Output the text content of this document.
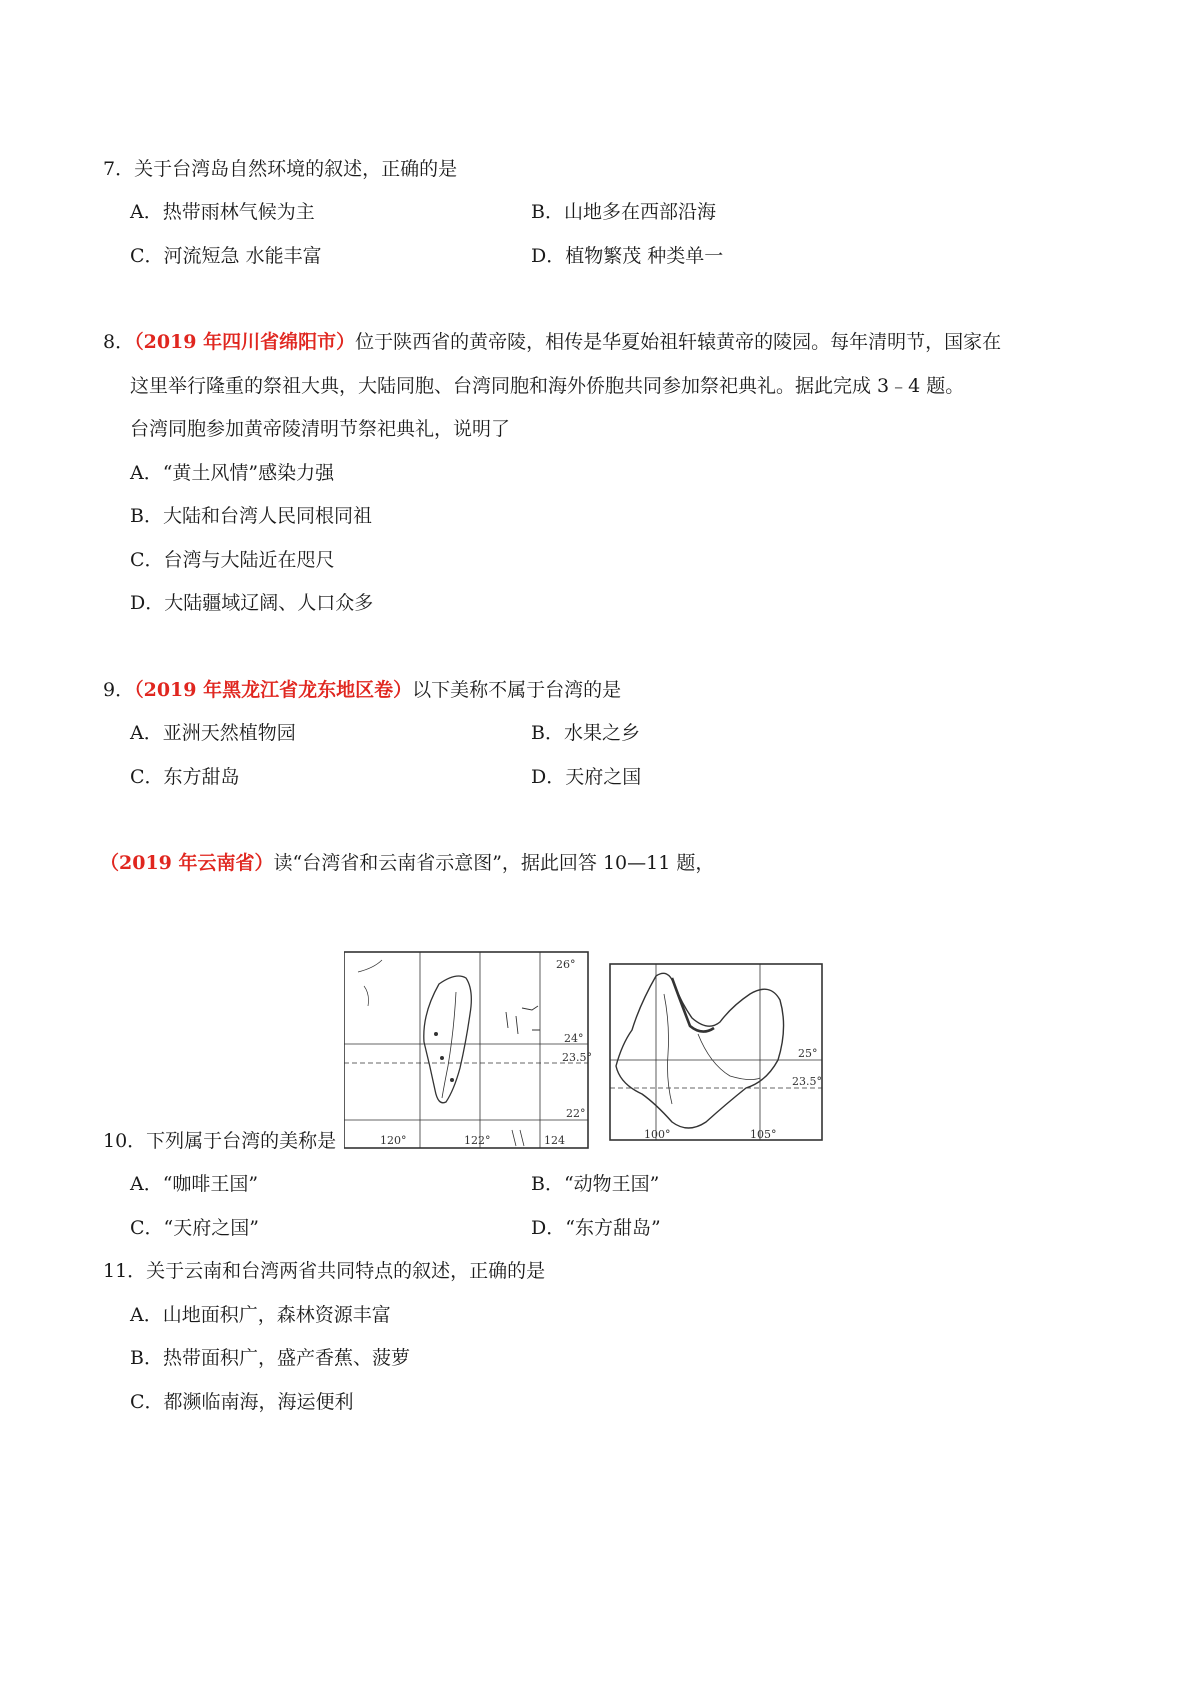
7．关于台湾岛自然环境的叙述，正确的是
A．热带雨林气候为主	B．山地多在西部沿海
C．河流短急 水能丰富	D．植物繁茂 种类单一
8．（2019 年四川省绵阳市）位于陕西省的黄帝陵，相传是华夏始祖轩辕黄帝的陵园。每年清明节，国家在
这里举行隆重的祭祖大典，大陆同胞、台湾同胞和海外侨胞共同参加祭祀典礼。据此完成 3﹣4 题。
台湾同胞参加黄帝陵清明节祭祀典礼，说明了
A．“黄土风情”感染力强
B．大陆和台湾人民同根同祖
C．台湾与大陆近在咫尺
D．大陆疆域辽阔、人口众多
9．（2019 年黑龙江省龙东地区卷）以下美称不属于台湾的是
A．亚洲天然植物园	B．水果之乡
C．东方甜岛	D．天府之国
（2019 年云南省）读“台湾省和云南省示意图”，据此回答 10—11 题，
26°
24°
23.5°
22°
120°	122°	124
25°
23.5°
100°	105°
10．下列属于台湾的美称是
A．“咖啡王国”	B．“动物王国”
C．“天府之国”	D．“东方甜岛”
11．关于云南和台湾两省共同特点的叙述，正确的是
A．山地面积广，森林资源丰富
B．热带面积广，盛产香蕉、菠萝
C．都濒临南海，海运便利
